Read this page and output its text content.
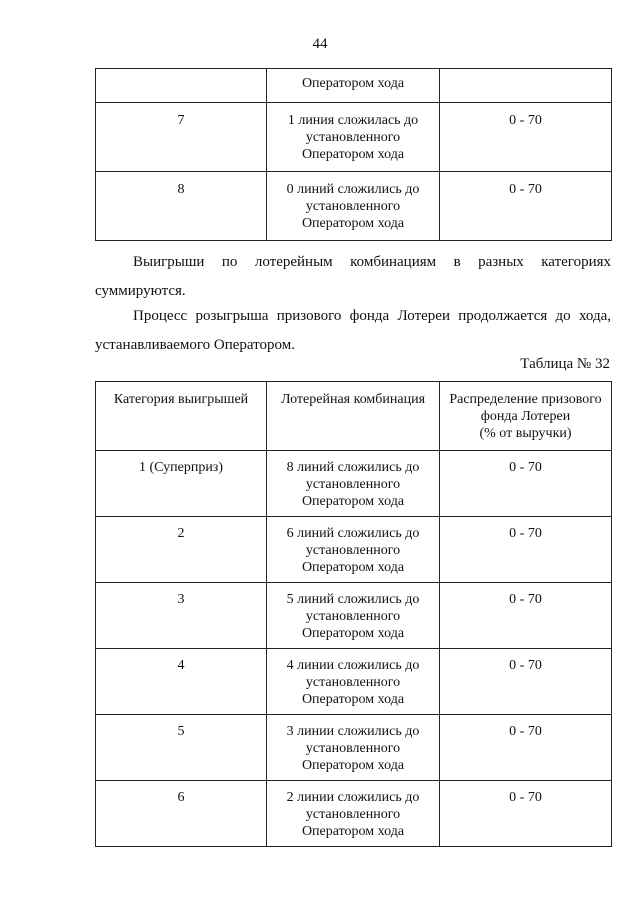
44

	Оператором хода	

7	1 линия сложилась до
установленного
Оператором хода	0 - 70
8	0 линий сложились до
установленного
Оператором хода	0 - 70

Выигрыши по лотерейным комбинациям в разных категориях суммируются.

Процесс розыгрыша призового фонда Лотереи продолжается до хода, устанавливаемого Оператором.

Таблица № 32
Категория выигрышей	Лотерейная комбинация	Распределение призового
фонда Лотереи
(% от выручки)

1 (Суперприз)	8 линий сложились до
установленного
Оператором хода	0 - 70
2	6 линий сложились до
установленного
Оператором хода	0 - 70
3	5 линий сложились до
установленного
Оператором хода	0 - 70
4	4 линии сложились до
установленного
Оператором хода	0 - 70
5	3 линии сложились до
установленного
Оператором хода	0 - 70
6	2 линии сложились до
установленного
Оператором хода	0 - 70
